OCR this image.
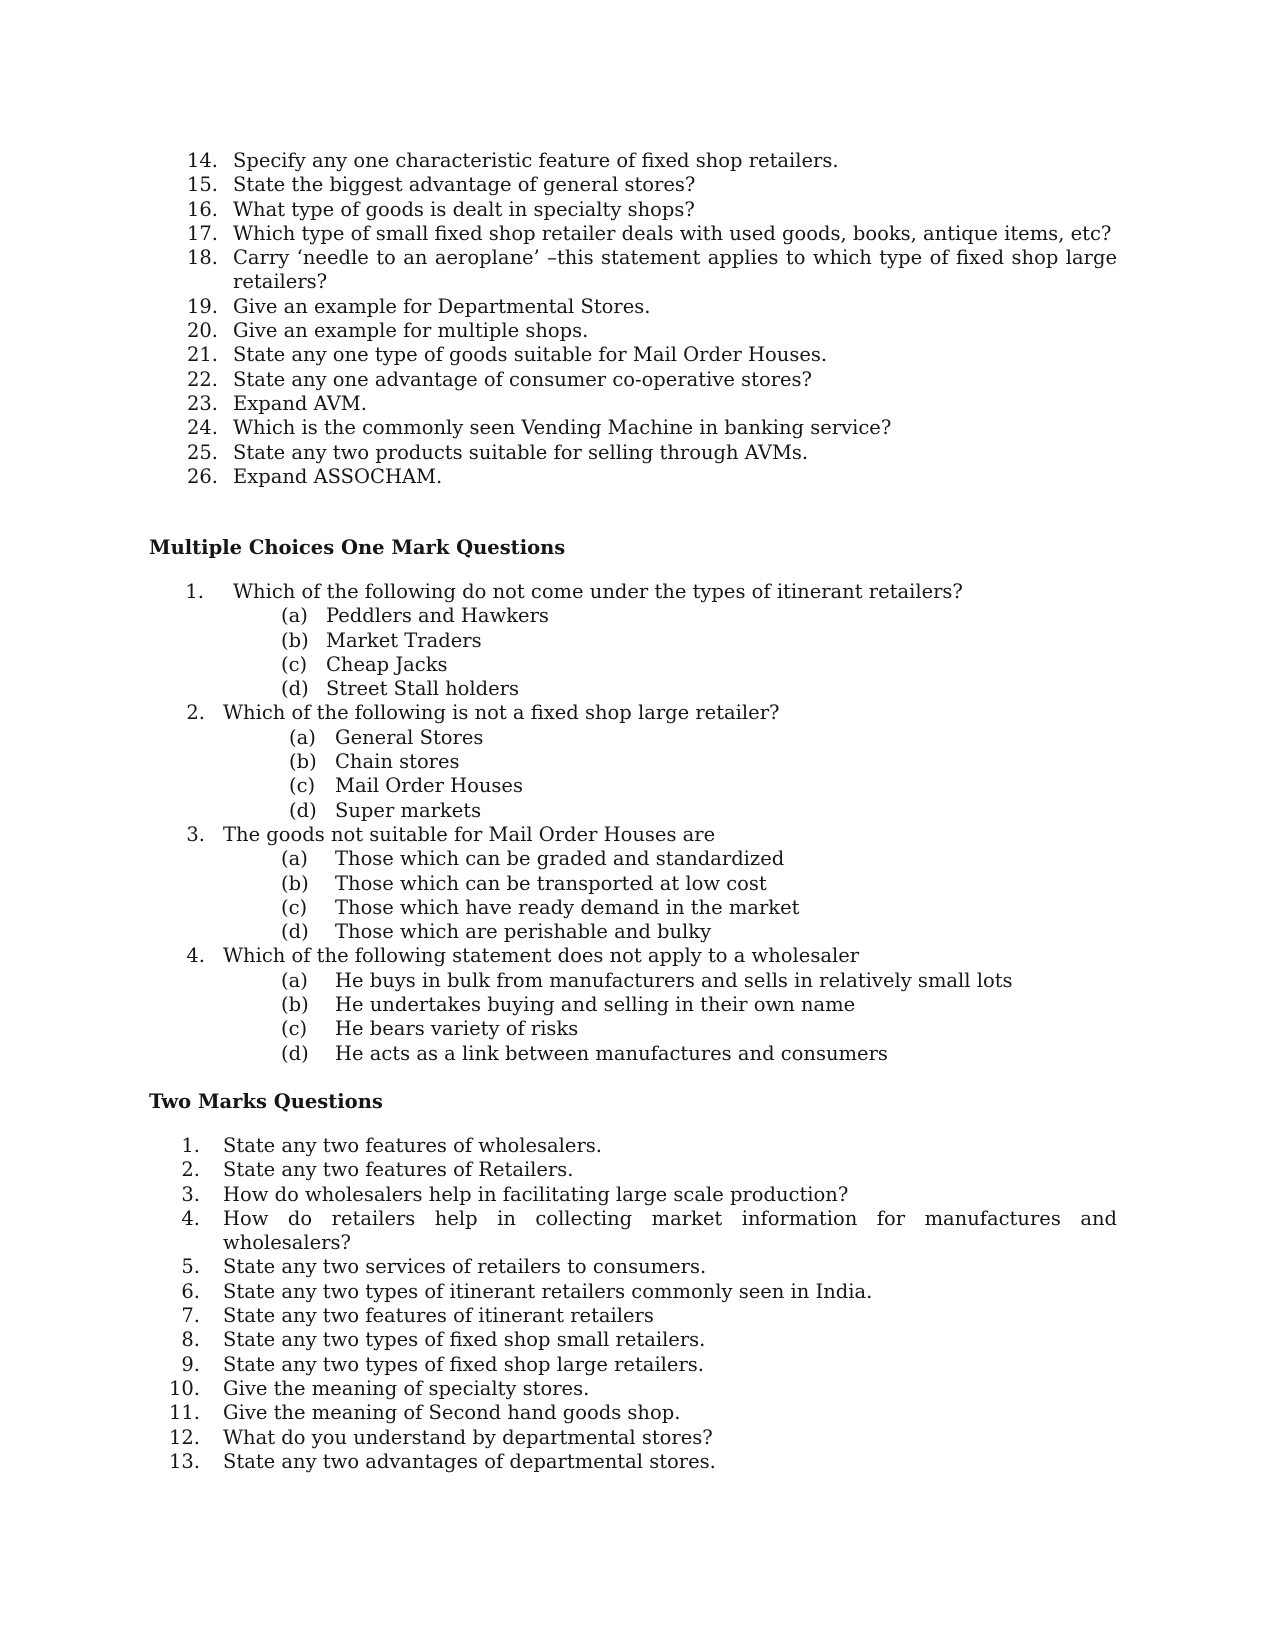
14. Specify any one characteristic feature of fixed shop retailers.
15. State the biggest advantage of general stores?
16. What type of goods is dealt in specialty shops?
17. Which type of small fixed shop retailer deals with used goods, books, antique items, etc?
18. Carry ‘needle to an aeroplane’ –this statement applies to which type of fixed shop large retailers?
19. Give an example for Departmental Stores.
20. Give an example for multiple shops.
21. State any one type of goods suitable for Mail Order Houses.
22. State any one advantage of consumer co-operative stores?
23. Expand AVM.
24. Which is the commonly seen Vending Machine in banking service?
25. State any two products suitable for selling through AVMs.
26. Expand ASSOCHAM.
Multiple Choices One Mark Questions
1. Which of the following do not come under the types of itinerant retailers?
(a) Peddlers and Hawkers
(b) Market Traders
(c) Cheap Jacks
(d) Street Stall holders
2. Which of the following is not a fixed shop large retailer?
(a) General Stores
(b) Chain stores
(c) Mail Order Houses
(d) Super markets
3. The goods not suitable for Mail Order Houses are
(a) Those which can be graded and standardized
(b) Those which can be transported at low cost
(c) Those which have ready demand in the market
(d) Those which are perishable and bulky
4. Which of the following statement does not apply to a wholesaler
(a) He buys in bulk from manufacturers and sells in relatively small lots
(b) He undertakes buying and selling in their own name
(c) He bears variety of risks
(d) He acts as a link between manufactures and consumers
Two Marks Questions
1. State any two features of wholesalers.
2. State any two features of Retailers.
3. How do wholesalers help in facilitating large scale production?
4. How do retailers help in collecting market information for manufactures and wholesalers?
5. State any two services of retailers to consumers.
6. State any two types of itinerant retailers commonly seen in India.
7. State any two features of itinerant retailers
8. State any two types of fixed shop small retailers.
9. State any two types of fixed shop large retailers.
10. Give the meaning of specialty stores.
11. Give the meaning of Second hand goods shop.
12. What do you understand by departmental stores?
13. State any two advantages of departmental stores.
